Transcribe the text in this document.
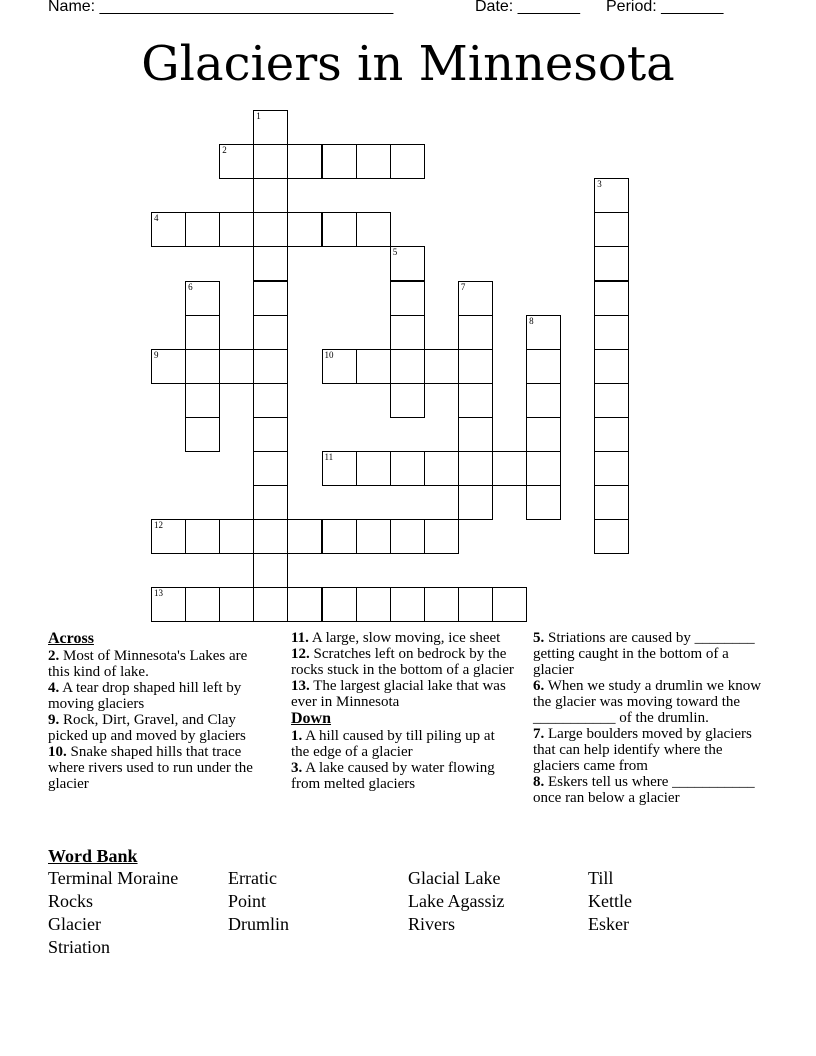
Name: _________________________________	Date: _______ Period: _______
Glaciers in Minnesota
2
4
9	10
11
12
13
1
3
5
6	7
8
Across
2. Most of Minnesota's Lakes are this kind of lake.
4. A tear drop shaped hill left by moving glaciers
9. Rock, Dirt, Gravel, and Clay picked up and moved by glaciers
10. Snake shaped hills that trace where rivers used to run under the glacier
11. A large, slow moving, ice sheet
12. Scratches left on bedrock by the rocks stuck in the bottom of a glacier
13. The largest glacial lake that was ever in Minnesota
Down
1. A hill caused by till piling up at the edge of a glacier
3. A lake caused by water flowing from melted glaciers
5. Striations are caused by ________ getting caught in the bottom of a glacier
6. When we study a drumlin we know the glacier was moving toward the ___________ of the drumlin.
7. Large boulders moved by glaciers that can help identify where the glaciers came from
8. Eskers tell us where ___________ once ran below a glacier
Word Bank
Terminal Moraine
Rocks
Glacier
Striation
Erratic
Point
Drumlin
Glacial Lake
Lake Agassiz
Rivers
Till
Kettle
Esker
